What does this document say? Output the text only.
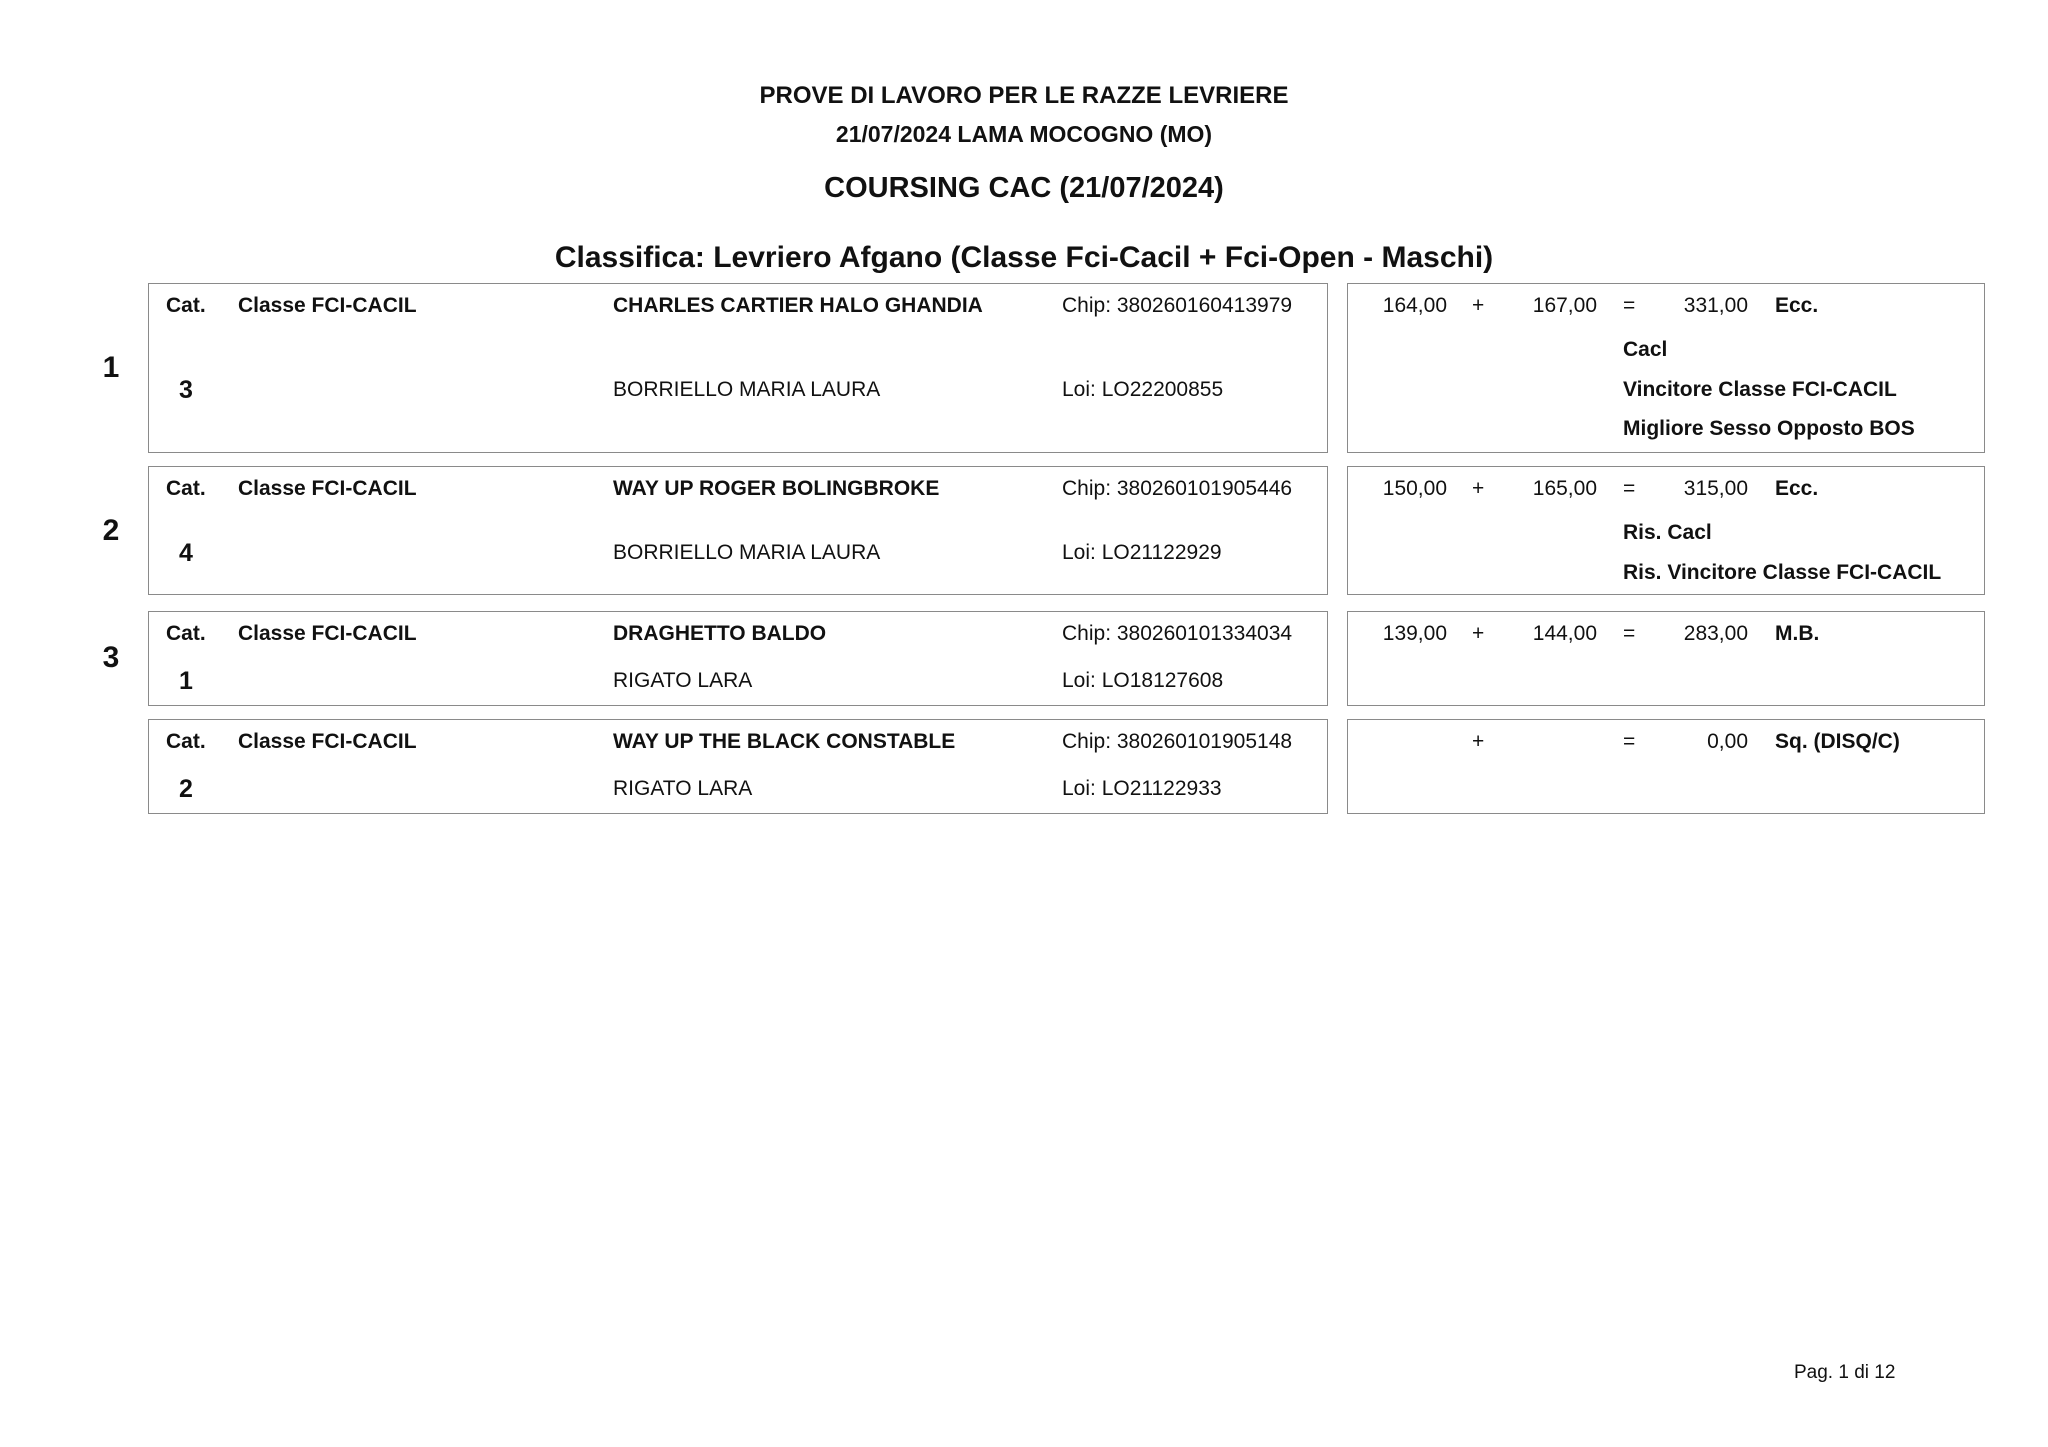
PROVE DI LAVORO PER LE RAZZE LEVRIERE
21/07/2024 LAMA MOCOGNO (MO)
COURSING CAC (21/07/2024)
Classifica: Levriero Afgano (Classe Fci-Cacil + Fci-Open - Maschi)
1
Cat. Classe FCI-CACIL	CHARLES CARTIER HALO GHANDIA	Chip: 380260160413979
3	BORRIELLO MARIA LAURA	Loi: LO22200855
164,00 + 167,00 = 331,00 Ecc.
Cacl
Vincitore Classe FCI-CACIL
Migliore Sesso Opposto BOS
2
Cat. Classe FCI-CACIL	WAY UP ROGER BOLINGBROKE	Chip: 380260101905446
4	BORRIELLO MARIA LAURA	Loi: LO21122929
150,00 + 165,00 = 315,00 Ecc.
Ris. Cacl
Ris. Vincitore Classe FCI-CACIL
3
Cat. Classe FCI-CACIL	DRAGHETTO BALDO	Chip: 380260101334034
1	RIGATO LARA	Loi: LO18127608
139,00 + 144,00 = 283,00 M.B.
Cat. Classe FCI-CACIL	WAY UP THE BLACK CONSTABLE	Chip: 380260101905148
2	RIGATO LARA	Loi: LO21122933
+	=	0,00 Sq. (DISQ/C)
Pag. 1 di 12
